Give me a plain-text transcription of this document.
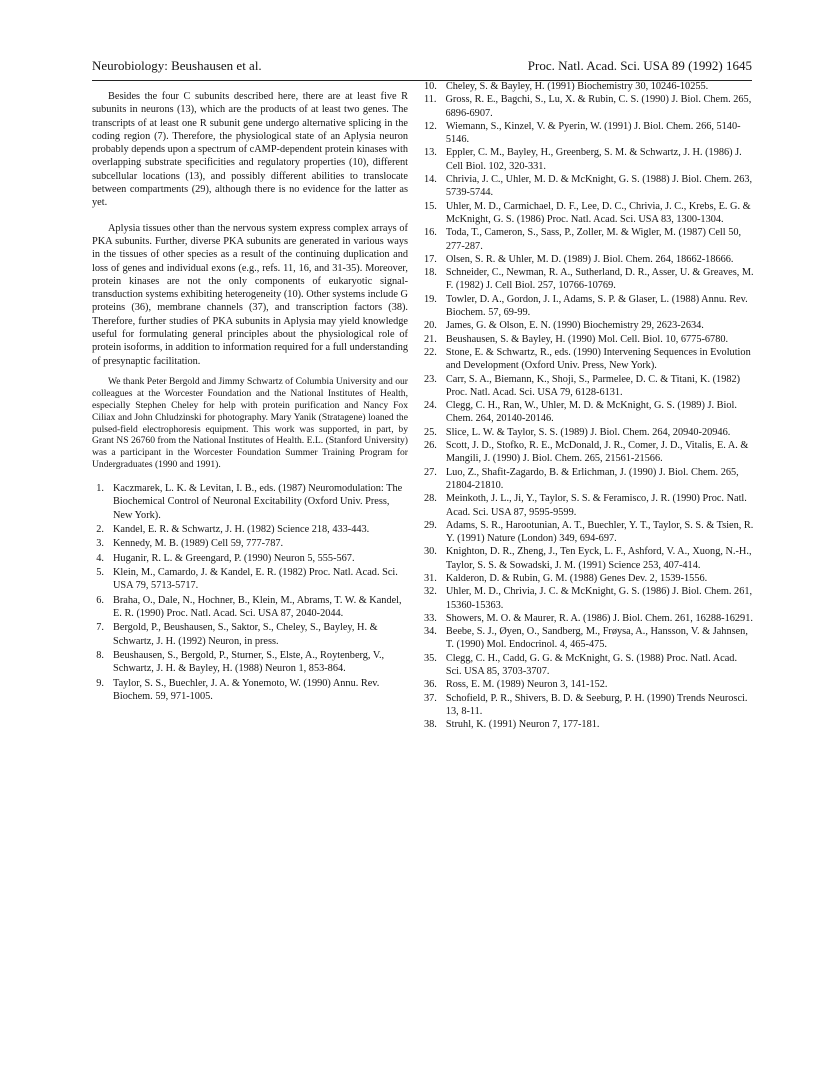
Neurobiology: Beushausen et al.	Proc. Natl. Acad. Sci. USA 89 (1992) 1645

Besides the four C subunits described here, there are at least five R subunits in neurons (13), which are the products of at least two genes. The transcripts of at least one R subunit gene undergo alternative splicing in the coding region (7). Therefore, the physiological state of an Aplysia neuron probably depends upon a spectrum of cAMP-dependent protein kinases with overlapping substrate specificities and regulatory properties (10), different subcellular locations (13), and possibly different abilities to translocate between compartments (29), although there is no evidence for the latter as yet.

Aplysia tissues other than the nervous system express complex arrays of PKA subunits. Further, diverse PKA subunits are generated in various ways in the tissues of other species as a result of the continuing duplication and loss of genes and individual exons (e.g., refs. 11, 16, and 31-35). Moreover, protein kinases are not the only components of eukaryotic signal-transduction systems exhibiting heterogeneity (10). Other systems include G proteins (36), membrane channels (37), and transcription factors (38). Therefore, further studies of PKA subunits in Aplysia may yield knowledge useful for formulating general principles about the physiological role of protein isoforms, in addition to information required for a full understanding of presynaptic facilitation.

We thank Peter Bergold and Jimmy Schwartz of Columbia University and our colleagues at the Worcester Foundation and the National Institutes of Health, especially Stephen Cheley for help with protein purification and Nancy Fox Ciliax and John Chludzinski for photography. Mary Yanik (Stratagene) loaned the pulsed-field electrophoresis equipment. This work was supported, in part, by Grant NS 26760 from the National Institutes of Health. E.L. (Stanford University) was a participant in the Worcester Foundation Summer Training Program for Undergraduates (1990 and 1991).

1. Kaczmarek, L. K. & Levitan, I. B., eds. (1987) Neuromodulation: The Biochemical Control of Neuronal Excitability (Oxford Univ. Press, New York).
2. Kandel, E. R. & Schwartz, J. H. (1982) Science 218, 433-443.
3. Kennedy, M. B. (1989) Cell 59, 777-787.
4. Huganir, R. L. & Greengard, P. (1990) Neuron 5, 555-567.
5. Klein, M., Camardo, J. & Kandel, E. R. (1982) Proc. Natl. Acad. Sci. USA 79, 5713-5717.
6. Braha, O., Dale, N., Hochner, B., Klein, M., Abrams, T. W. & Kandel, E. R. (1990) Proc. Natl. Acad. Sci. USA 87, 2040-2044.
7. Bergold, P., Beushausen, S., Saktor, S., Cheley, S., Bayley, H. & Schwartz, J. H. (1992) Neuron, in press.
8. Beushausen, S., Bergold, P., Sturner, S., Elste, A., Roytenberg, V., Schwartz, J. H. & Bayley, H. (1988) Neuron 1, 853-864.
9. Taylor, S. S., Buechler, J. A. & Yonemoto, W. (1990) Annu. Rev. Biochem. 59, 971-1005.
10. Cheley, S. & Bayley, H. (1991) Biochemistry 30, 10246-10255.
11. Gross, R. E., Bagchi, S., Lu, X. & Rubin, C. S. (1990) J. Biol. Chem. 265, 6896-6907.
12. Wiemann, S., Kinzel, V. & Pyerin, W. (1991) J. Biol. Chem. 266, 5140-5146.
13. Eppler, C. M., Bayley, H., Greenberg, S. M. & Schwartz, J. H. (1986) J. Cell Biol. 102, 320-331.
14. Chrivia, J. C., Uhler, M. D. & McKnight, G. S. (1988) J. Biol. Chem. 263, 5739-5744.
15. Uhler, M. D., Carmichael, D. F., Lee, D. C., Chrivia, J. C., Krebs, E. G. & McKnight, G. S. (1986) Proc. Natl. Acad. Sci. USA 83, 1300-1304.
16. Toda, T., Cameron, S., Sass, P., Zoller, M. & Wigler, M. (1987) Cell 50, 277-287.
17. Olsen, S. R. & Uhler, M. D. (1989) J. Biol. Chem. 264, 18662-18666.
18. Schneider, C., Newman, R. A., Sutherland, D. R., Asser, U. & Greaves, M. F. (1982) J. Cell Biol. 257, 10766-10769.
19. Towler, D. A., Gordon, J. I., Adams, S. P. & Glaser, L. (1988) Annu. Rev. Biochem. 57, 69-99.
20. James, G. & Olson, E. N. (1990) Biochemistry 29, 2623-2634.
21. Beushausen, S. & Bayley, H. (1990) Mol. Cell. Biol. 10, 6775-6780.
22. Stone, E. & Schwartz, R., eds. (1990) Intervening Sequences in Evolution and Development (Oxford Univ. Press, New York).
23. Carr, S. A., Biemann, K., Shoji, S., Parmelee, D. C. & Titani, K. (1982) Proc. Natl. Acad. Sci. USA 79, 6128-6131.
24. Clegg, C. H., Ran, W., Uhler, M. D. & McKnight, G. S. (1989) J. Biol. Chem. 264, 20140-20146.
25. Slice, L. W. & Taylor, S. S. (1989) J. Biol. Chem. 264, 20940-20946.
26. Scott, J. D., Stofko, R. E., McDonald, J. R., Comer, J. D., Vitalis, E. A. & Mangili, J. (1990) J. Biol. Chem. 265, 21561-21566.
27. Luo, Z., Shafit-Zagardo, B. & Erlichman, J. (1990) J. Biol. Chem. 265, 21804-21810.
28. Meinkoth, J. L., Ji, Y., Taylor, S. S. & Feramisco, J. R. (1990) Proc. Natl. Acad. Sci. USA 87, 9595-9599.
29. Adams, S. R., Harootunian, A. T., Buechler, Y. T., Taylor, S. S. & Tsien, R. Y. (1991) Nature (London) 349, 694-697.
30. Knighton, D. R., Zheng, J., Ten Eyck, L. F., Ashford, V. A., Xuong, N.-H., Taylor, S. S. & Sowadski, J. M. (1991) Science 253, 407-414.
31. Kalderon, D. & Rubin, G. M. (1988) Genes Dev. 2, 1539-1556.
32. Uhler, M. D., Chrivia, J. C. & McKnight, G. S. (1986) J. Biol. Chem. 261, 15360-15363.
33. Showers, M. O. & Maurer, R. A. (1986) J. Biol. Chem. 261, 16288-16291.
34. Beebe, S. J., Øyen, O., Sandberg, M., Frøysa, A., Hansson, V. & Jahnsen, T. (1990) Mol. Endocrinol. 4, 465-475.
35. Clegg, C. H., Cadd, G. G. & McKnight, G. S. (1988) Proc. Natl. Acad. Sci. USA 85, 3703-3707.
36. Ross, E. M. (1989) Neuron 3, 141-152.
37. Schofield, P. R., Shivers, B. D. & Seeburg, P. H. (1990) Trends Neurosci. 13, 8-11.
38. Struhl, K. (1991) Neuron 7, 177-181.
